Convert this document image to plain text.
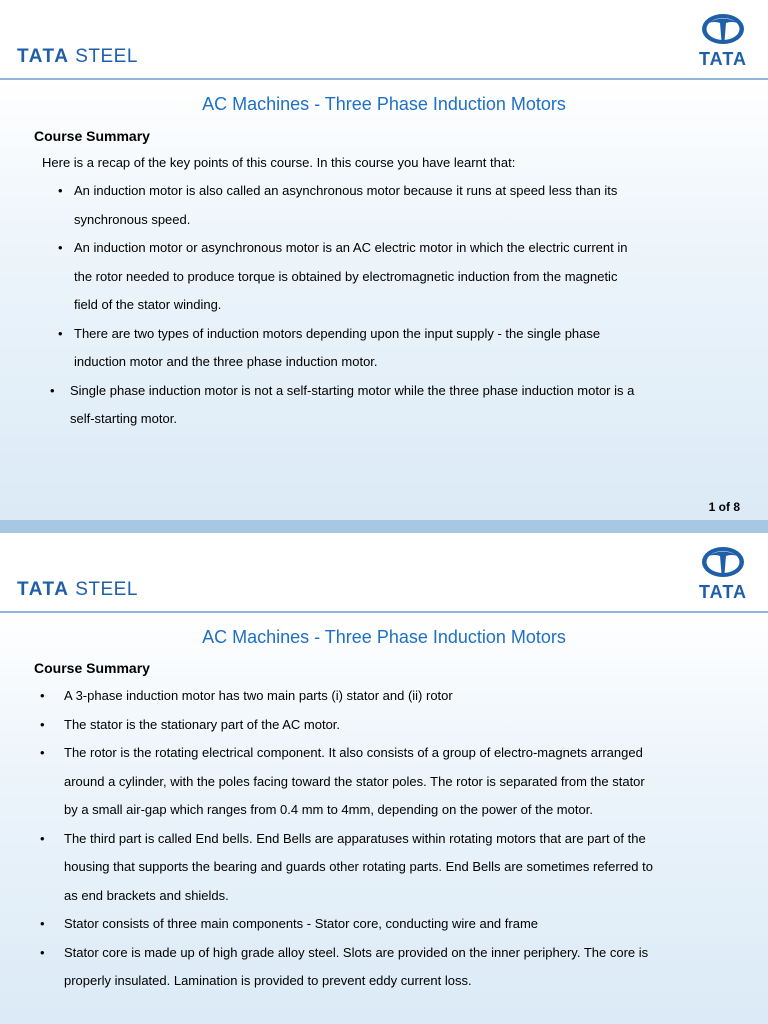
TATA STEEL	TATA
AC Machines - Three Phase Induction Motors
Course Summary
Here is a recap of the key points of this course. In this course you have learnt that:
• An induction motor is also called an asynchronous motor because it runs at speed less than its
synchronous speed.
• An induction motor or asynchronous motor is an AC electric motor in which the electric current in
the rotor needed to produce torque is obtained by electromagnetic induction from the magnetic
field of the stator winding.
• There are two types of induction motors depending upon the input supply - the single phase
induction motor and the three phase induction motor.
• Single phase induction motor is not a self-starting motor while the three phase induction motor is a
self-starting motor.
1 of 8
TATA STEEL	TATA
AC Machines - Three Phase Induction Motors
Course Summary
• A 3-phase induction motor has two main parts (i) stator and (ii) rotor
• The stator is the stationary part of the AC motor.
• The rotor is the rotating electrical component. It also consists of a group of electro-magnets arranged
around a cylinder, with the poles facing toward the stator poles. The rotor is separated from the stator
by a small air-gap which ranges from 0.4 mm to 4mm, depending on the power of the motor.
• The third part is called End bells. End Bells are apparatuses within rotating motors that are part of the
housing that supports the bearing and guards other rotating parts. End Bells are sometimes referred to
as end brackets and shields.
• Stator consists of three main components - Stator core, conducting wire and frame
• Stator core is made up of high grade alloy steel. Slots are provided on the inner periphery. The core is
properly insulated. Lamination is provided to prevent eddy current loss.
